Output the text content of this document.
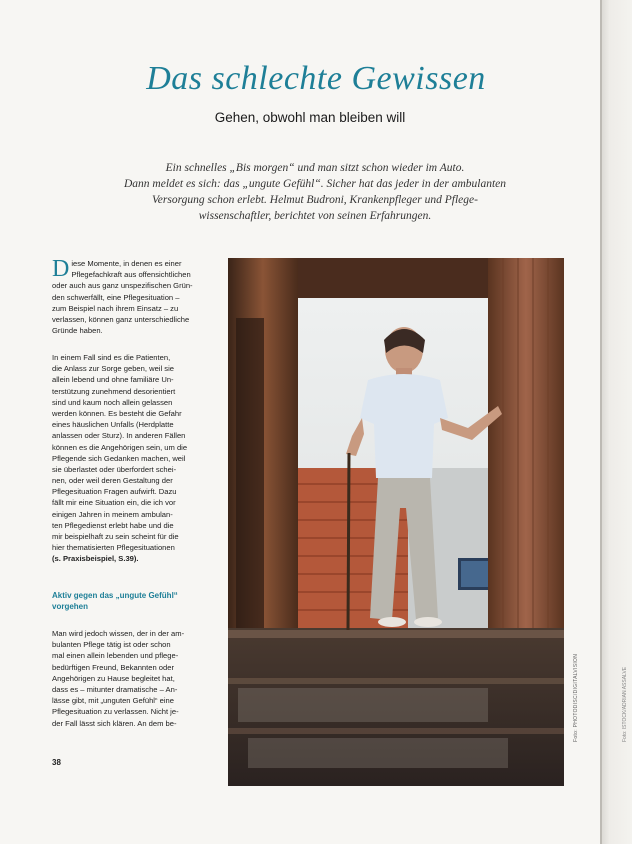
Das schlechte Gewissen
Gehen, obwohl man bleiben will
Ein schnelles „Bis morgen“ und man sitzt schon wieder im Auto.
Dann meldet es sich: das „ungute Gefühl“. Sicher hat das jeder in der ambulanten
Versorgung schon erlebt. Helmut Budroni, Krankenpfleger und Pflege-
wissenschaftler, berichtet von seinen Erfahrungen.
D iese Momente, in denen es einer
Pflegefachkraft aus offensichtlichen
oder auch aus ganz unspezifischen Grün-
den schwerfällt, eine Pflegesituation –
zum Beispiel nach ihrem Einsatz – zu
verlassen, können ganz unterschiedliche
Gründe haben.
In einem Fall sind es die Patienten,
die Anlass zur Sorge geben, weil sie
allein lebend und ohne familiäre Un-
terstützung zunehmend desorientiert
sind und kaum noch allein gelassen
werden können. Es besteht die Gefahr
eines häuslichen Unfalls (Herdplatte
anlassen oder Sturz). In anderen Fällen
können es die Angehörigen sein, um die
Pflegende sich Gedanken machen, weil
sie überlastet oder überfordert schei-
nen, oder weil deren Gestaltung der
Pflegesituation Fragen aufwirft. Dazu
fällt mir eine Situation ein, die ich vor
einigen Jahren in meinem ambulan-
ten Pflegedienst erlebt habe und die
mir beispielhaft zu sein scheint für die
hier thematisierten Pflegesituationen
(s. Praxisbeispiel, S.39).
Aktiv gegen das „ungute Gefühl“
vorgehen
Man wird jedoch wissen, der in der am-
bulanten Pflege tätig ist oder schon
mal einen allein lebenden und pflege-
bedürftigen Freund, Bekannten oder
Angehörigen zu Hause begleitet hat,
dass es – mitunter dramatische – An-
lässe gibt, mit „unguten Gefühl“ eine
Pflegesituation zu verlassen. Nicht je-
der Fall lässt sich klären. An dem be-
38
Foto: PHOTODISC/DIGITALVISION	Foto: ISTOCK/ADRIAN ASSALVE
